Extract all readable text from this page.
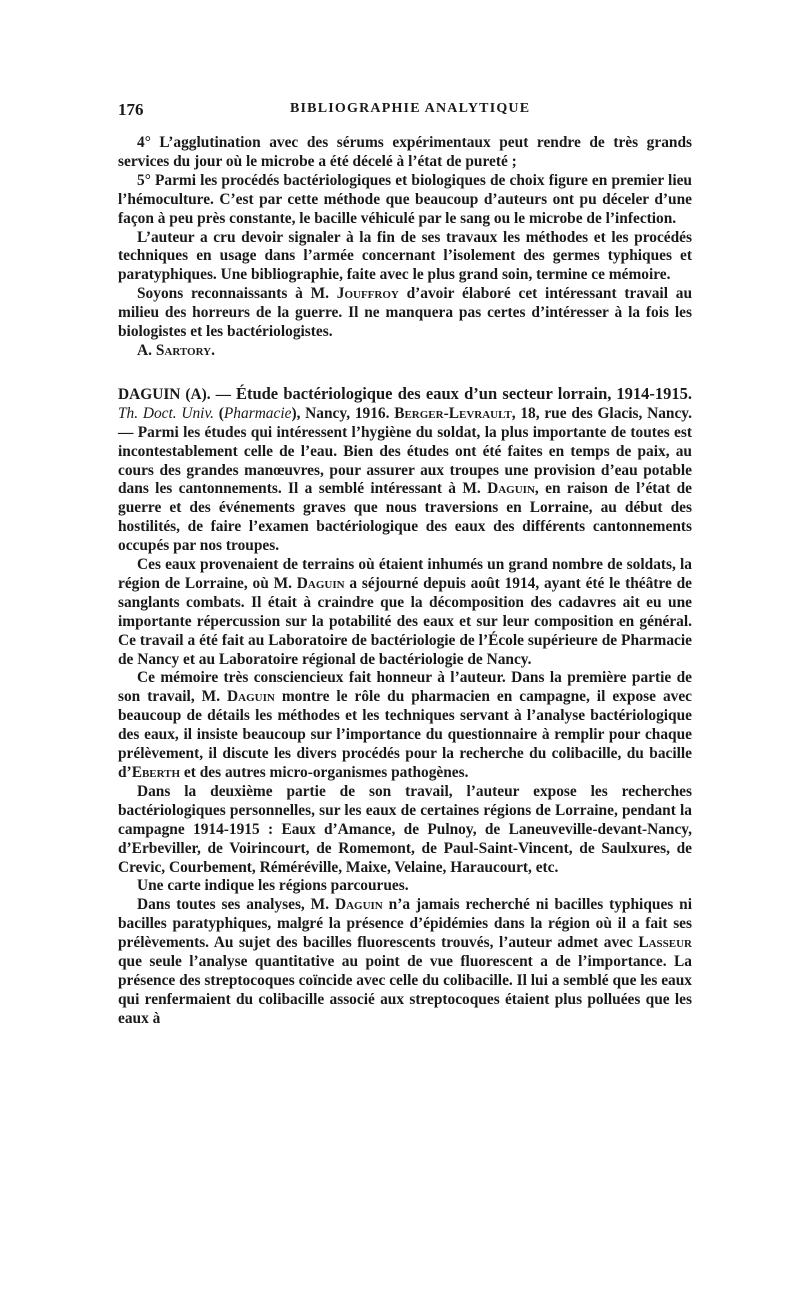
176	BIBLIOGRAPHIE ANALYTIQUE

4° L’agglutination avec des sérums expérimentaux peut rendre de très grands services du jour où le microbe a été décelé à l’état de pureté ;

5° Parmi les procédés bactériologiques et biologiques de choix figure en premier lieu l’hémoculture. C’est par cette méthode que beaucoup d’auteurs ont pu déceler d’une façon à peu près constante, le bacille véhiculé par le sang ou le microbe de l’infection.

L’auteur a cru devoir signaler à la fin de ses travaux les méthodes et les procédés techniques en usage dans l’armée concernant l’isolement des germes typhiques et paratyphiques. Une bibliographie, faite avec le plus grand soin, termine ce mémoire.

Soyons reconnaissants à M. Jouffroy d’avoir élaboré cet intéressant travail au milieu des horreurs de la guerre. Il ne manquera pas certes d’intéresser à la fois les biologistes et les bactériologistes.

A. Sartory.

DAGUIN (A). — Étude bactériologique des eaux d’un secteur lorrain, 1914-1915. Th. Doct. Univ. (Pharmacie), Nancy, 1916. Berger-Levrault, 18, rue des Glacis, Nancy. — Parmi les études qui intéressent l’hygiène du soldat, la plus importante de toutes est incontestablement celle de l’eau. Bien des études ont été faites en temps de paix, au cours des grandes manœuvres, pour assurer aux troupes une provision d’eau potable dans les cantonnements. Il a semblé intéressant à M. Daguin, en raison de l’état de guerre et des événements graves que nous traversions en Lorraine, au début des hostilités, de faire l’examen bactériologique des eaux des différents cantonnements occupés par nos troupes.

Ces eaux provenaient de terrains où étaient inhumés un grand nombre de soldats, la région de Lorraine, où M. Daguin a séjourné depuis août 1914, ayant été le théâtre de sanglants combats. Il était à craindre que la décomposition des cadavres ait eu une importante répercussion sur la potabilité des eaux et sur leur composition en général. Ce travail a été fait au Laboratoire de bactériologie de l’École supérieure de Pharmacie de Nancy et au Laboratoire régional de bactériologie de Nancy.

Ce mémoire très consciencieux fait honneur à l’auteur. Dans la première partie de son travail, M. Daguin montre le rôle du pharmacien en campagne, il expose avec beaucoup de détails les méthodes et les techniques servant à l’analyse bactériologique des eaux, il insiste beaucoup sur l’importance du questionnaire à remplir pour chaque prélèvement, il discute les divers procédés pour la recherche du colibacille, du bacille d’Eberth et des autres micro-organismes pathogènes.

Dans la deuxième partie de son travail, l’auteur expose les recherches bactériologiques personnelles, sur les eaux de certaines régions de Lorraine, pendant la campagne 1914-1915 : Eaux d’Amance, de Pulnoy, de Laneuveville-devant-Nancy, d’Erbeviller, de Voirincourt, de Romemont, de Paul-Saint-Vincent, de Saulxures, de Crevic, Courbement, Réméréville, Maixe, Velaine, Haraucourt, etc.

Une carte indique les régions parcourues.

Dans toutes ses analyses, M. Daguin n’a jamais recherché ni bacilles typhiques ni bacilles paratyphiques, malgré la présence d’épidémies dans la région où il a fait ses prélèvements. Au sujet des bacilles fluorescents trouvés, l’auteur admet avec Lasseur que seule l’analyse quantitative au point de vue fluorescent a de l’importance. La présence des streptocoques coïncide avec celle du colibacille. Il lui a semblé que les eaux qui renfermaient du colibacille associé aux streptocoques étaient plus polluées que les eaux à
